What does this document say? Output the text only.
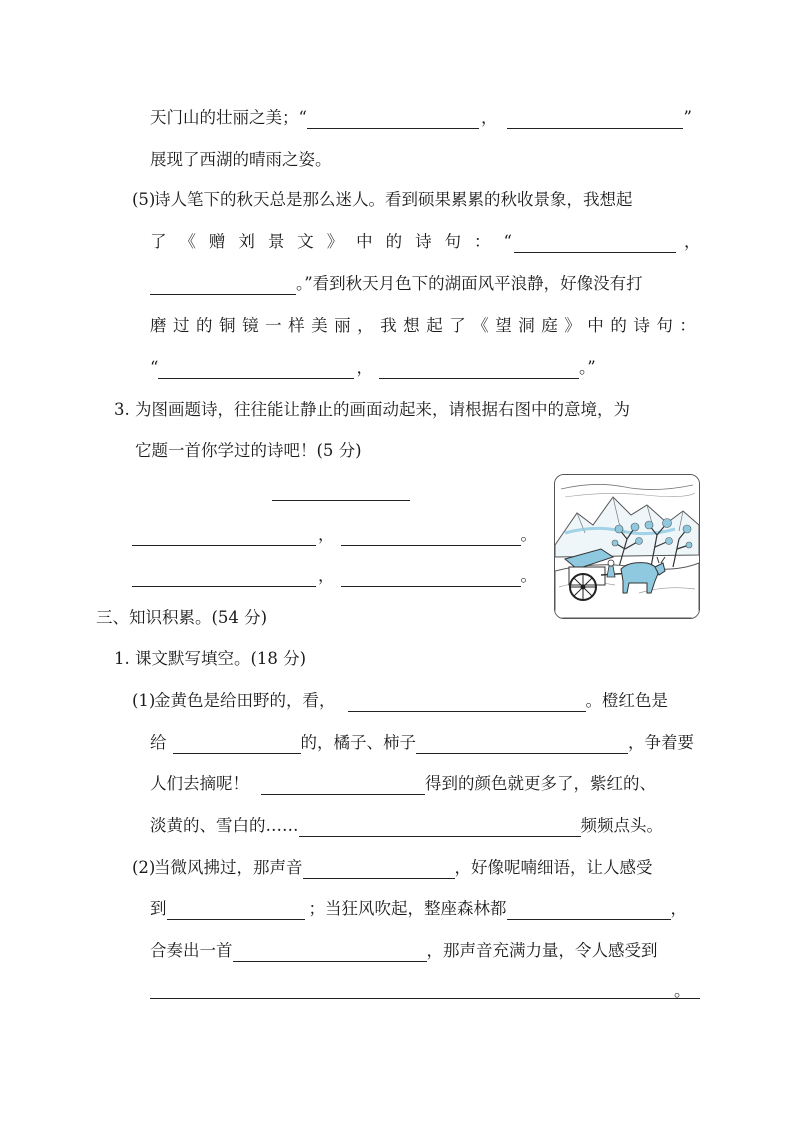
天门山的壮丽之美；“	，	”
展现了西湖的晴雨之姿。
(5)
诗人笔下的秋天总是那么迷人。看到硕果累累的秋收景象，我想起
了 《 赠 刘 景 文 》 中 的 诗 句 ： “	，
。”看到秋天月色下的湖面风平浪静，好像没有打
磨 过 的 铜 镜 一 样 美 丽 ， 我 想 起 了 《 望 洞 庭 》 中 的 诗 句 ：
“	，	。”
3. 为图画题诗，往往能让静止的画面动起来，请根据右图中的意境，为
它题一首你学过的诗吧！(5 分)
，	。
，	。
三、知识积累。(54 分)
1. 课文默写填空。(18 分)
(1)
金黄色是给田野的，看，	。橙红色是
给	的，橘子、柿子	，争着要
人们去摘呢！	得到的颜色就更多了，紫红的、
淡黄的、雪白的……	频频点头。
(2)
当微风拂过，那声音	，好像呢喃细语，让人感受
到	；当狂风吹起，整座森林都	，
合奏出一首	，那声音充满力量，令人感受到
。
